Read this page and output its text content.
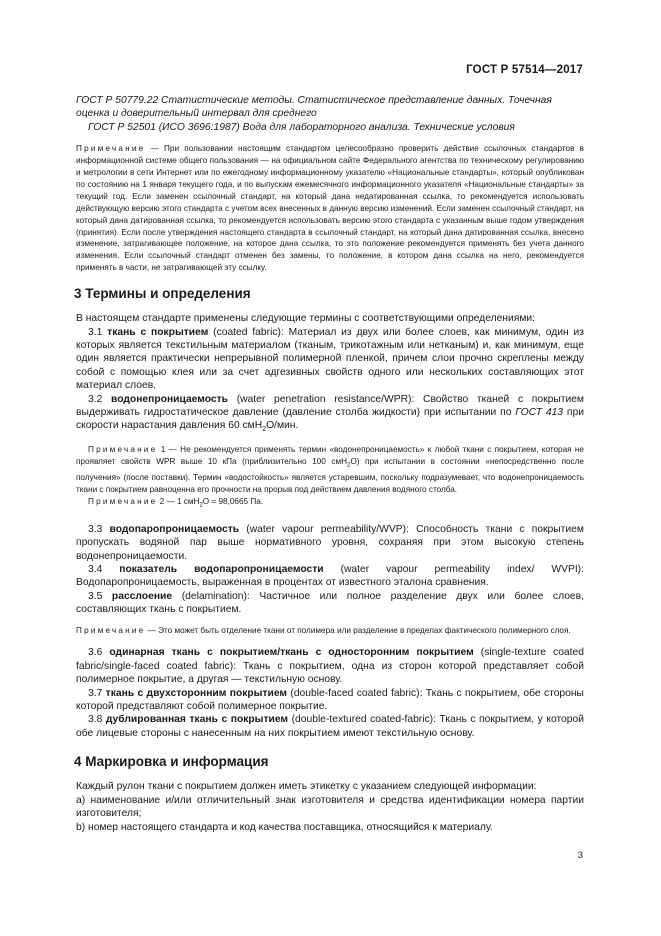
ГОСТ Р 57514—2017

ГОСТ Р 50779.22 Статистические методы. Статистическое представление данных. Точечная оценка и доверительный интервал для среднего

ГОСТ Р 52501 (ИСО 3696:1987) Вода для лабораторного анализа. Технические условия

Примечание — При пользовании настоящим стандартом целесообразно проверить действие ссылочных стандартов в информационной системе общего пользования — на официальном сайте Федерального агентства по техническому регулированию и метрологии в сети Интернет или по ежегодному информационному указателю «Национальные стандарты», который опубликован по состоянию на 1 января текущего года, и по выпускам ежемесячного информационного указателя «Национальные стандарты» за текущий год. Если заменен ссылочный стандарт, на который дана недатированная ссылка, то рекомендуется использовать действующую версию этого стандарта с учетом всех внесенных в данную версию изменений. Если заменен ссылочный стандарт, на который дана датированная ссылка, то рекомендуется использовать версию этого стандарта с указанным выше годом утверждения (принятия). Если после утверждения настоящего стандарта в ссылочный стандарт, на который дана датированная ссылка, внесено изменение, затрагивающее положение, на которое дана ссылка, то это положение рекомендуется применять без учета данного изменения. Если ссылочный стандарт отменен без замены, то положение, в котором дана ссылка на него, рекомендуется применять в части, не затрагивающей эту ссылку.

3 Термины и определения

В настоящем стандарте применены следующие термины с соответствующими определениями:

3.1 ткань с покрытием (coated fabric): Материал из двух или более слоев, как минимум, один из которых является текстильным материалом (тканым, трикотажным или нетканым) и, как минимум, еще один является практически непрерывной полимерной пленкой, причем слои прочно скреплены между собой с помощью клея или за счет адгезивных свойств одного или нескольких составляющих этот материал слоев.

3.2 водонепроницаемость (water penetration resistance/WPR): Свойство тканей с покрытием выдерживать гидростатическое давление (давление столба жидкости) при испытании по ГОСТ 413 при скорости нарастания давления 60 смH$_2$O/мин.

Примечание 1 — Не рекомендуется применять термин «водонепроницаемость» к любой ткани с покрытием, которая не проявляет свойств WPR выше 10 кПа (приблизительно 100 смH$_2$O) при испытании в состоянии «непосредственно после получения» (после поставки). Термин «водостойкость» является устаревшим, поскольку подразумевает, что водонепроницаемость ткани с покрытием равноценна его прочности на прорыв под действием давления водяного столба.

Примечание 2 — 1 смH$_2$O = 98,0665 Па.

3.3 водопаропроницаемость (water vapour permeability/WVP): Способность ткани с покрытием пропускать водяной пар выше нормативного уровня, сохраняя при этом высокую степень водонепроницаемости.

3.4 показатель водопаропроницаемости (water vapour permeability index/ WVPI): Водопаропроницаемость, выраженная в процентах от известного эталона сравнения.

3.5 расслоение (delamination): Частичное или полное разделение двух или более слоев, составляющих ткань с покрытием.

Примечание — Это может быть отделение ткани от полимера или разделение в пределах фактического полимерного слоя.

3.6 одинарная ткань с покрытием/ткань с односторонним покрытием (single-texture coated fabric/single-faced coated fabric): Ткань с покрытием, одна из сторон которой представляет собой полимерное покрытие, а другая — текстильную основу.

3.7 ткань с двухсторонним покрытием (double-faced coated fabric): Ткань с покрытием, обе стороны которой представляют собой полимерное покрытие.

3.8 дублированная ткань с покрытием (double-textured coated-fabric): Ткань с покрытием, у которой обе лицевые стороны с нанесенным на них покрытием имеют текстильную основу.

4 Маркировка и информация

Каждый рулон ткани с покрытием должен иметь этикетку с указанием следующей информации:

a) наименование и/или отличительный знак изготовителя и средства идентификации номера партии изготовителя;

b) номер настоящего стандарта и код качества поставщика, относящийся к материалу.

3
